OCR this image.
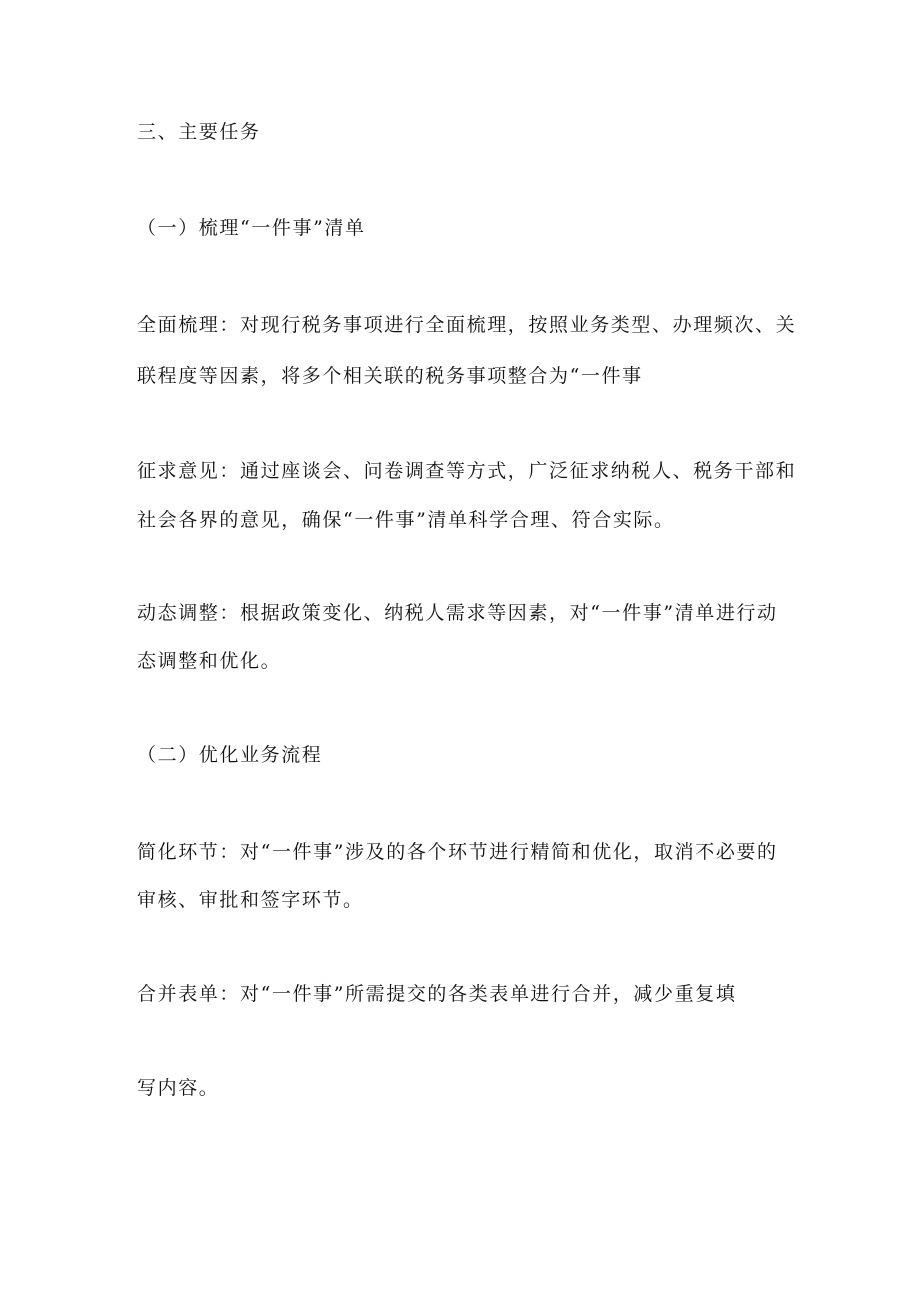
三、主要任务
（一）梳理“一件事”清单
全面梳理：对现行税务事项进行全面梳理，按照业务类型、办理频次、关
联程度等因素，将多个相关联的税务事项整合为“一件事
征求意见：通过座谈会、问卷调查等方式，广泛征求纳税人、税务干部和
社会各界的意见，确保“一件事”清单科学合理、符合实际。
动态调整：根据政策变化、纳税人需求等因素，对“一件事”清单进行动
态调整和优化。
（二）优化业务流程
简化环节：对“一件事”涉及的各个环节进行精简和优化，取消不必要的
审核、审批和签字环节。
合并表单：对“一件事”所需提交的各类表单进行合并，减少重复填
写内容。
